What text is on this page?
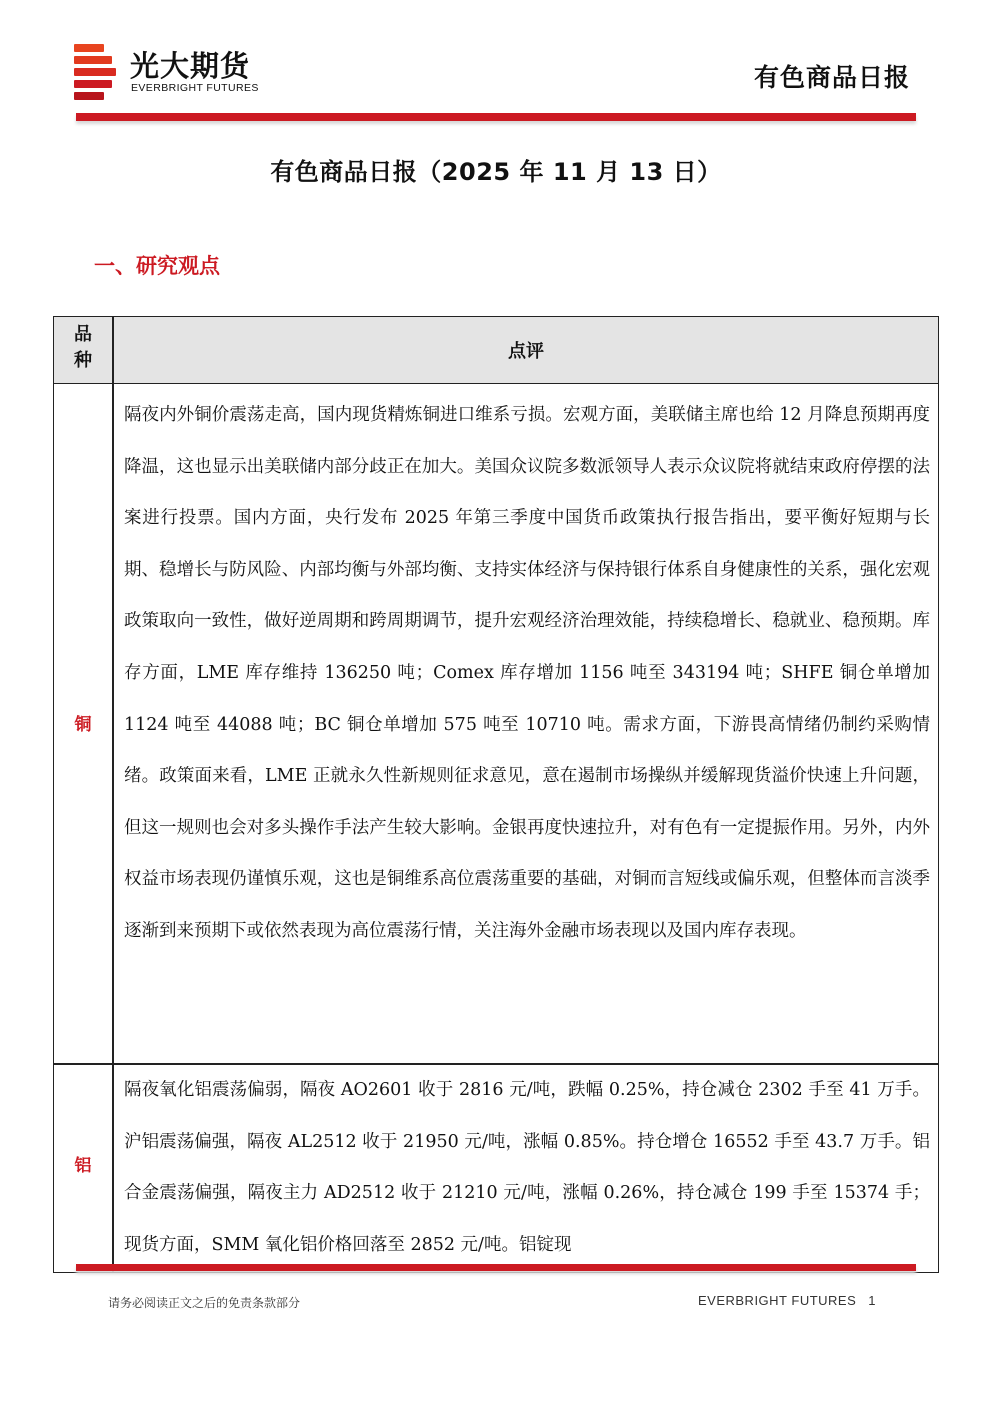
光大期货
EVERBRIGHT FUTURES	有色商品日报
有色商品日报（2025 年 11 月 13 日）
一、研究观点
品
种	点评
铜

隔夜内外铜价震荡走高，国内现货精炼铜进口维系亏损。宏观方面，美联储主席也给 12 月降息预期再度降温，这也显示出美联储内部分歧正在加大。美国众议院多数派领导人表示众议院将就结束政府停摆的法案进行投票。国内方面，央行发布 2025 年第三季度中国货币政策执行报告指出，要平衡好短期与长期、稳增长与防风险、内部均衡与外部均衡、支持实体经济与保持银行体系自身健康性的关系，强化宏观政策取向一致性，做好逆周期和跨周期调节，提升宏观经济治理效能，持续稳增长、稳就业、稳预期。库存方面，LME 库存维持 136250 吨；Comex 库存增加 1156 吨至 343194 吨；SHFE 铜仓单增加 1124 吨至 44088 吨；BC 铜仓单增加 575 吨至 10710 吨。需求方面，下游畏高情绪仍制约采购情绪。政策面来看，LME 正就永久性新规则征求意见，意在遏制市场操纵并缓解现货溢价快速上升问题，但这一规则也会对多头操作手法产生较大影响。金银再度快速拉升，对有色有一定提振作用。另外，内外权益市场表现仍谨慎乐观，这也是铜维系高位震荡重要的基础，对铜而言短线或偏乐观，但整体而言淡季逐渐到来预期下或依然表现为高位震荡行情，关注海外金融市场表现以及国内库存表现。

铝

隔夜氧化铝震荡偏弱，隔夜 AO2601 收于 2816 元/吨，跌幅 0.25%，持仓减仓 2302 手至 41 万手。沪铝震荡偏强，隔夜 AL2512 收于 21950 元/吨，涨幅 0.85%。持仓增仓 16552 手至 43.7 万手。铝合金震荡偏强，隔夜主力 AD2512 收于 21210 元/吨，涨幅 0.26%，持仓减仓 199 手至 15374 手；现货方面，SMM 氧化铝价格回落至 2852 元/吨。铝锭现

请务必阅读正文之后的免责条款部分	EVERBRIGHT FUTURES 1
